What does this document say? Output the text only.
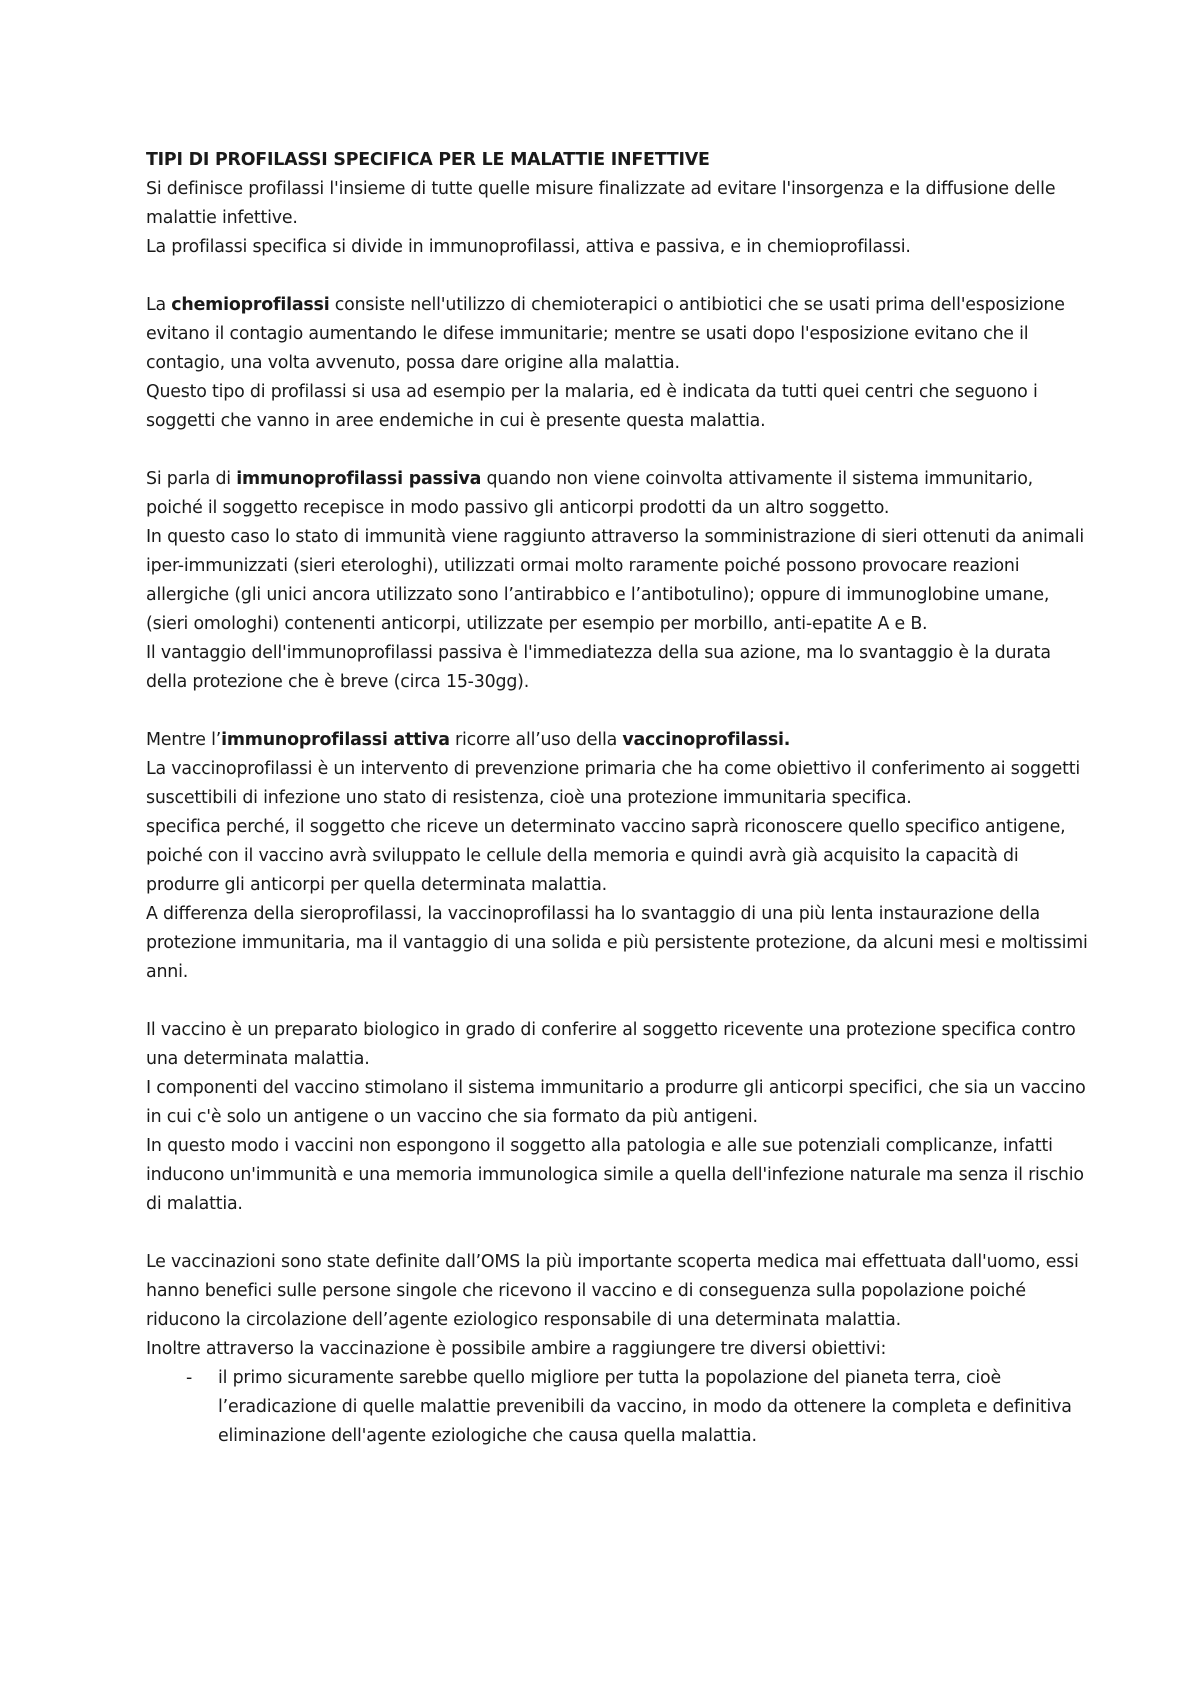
TIPI DI PROFILASSI SPECIFICA PER LE MALATTIE INFETTIVE

Si definisce profilassi l'insieme di tutte quelle misure finalizzate ad evitare l'insorgenza e la diffusione delle malattie infettive.

La profilassi specifica si divide in immunoprofilassi, attiva e passiva, e in chemioprofilassi.

La chemioprofilassi consiste nell'utilizzo di chemioterapici o antibiotici che se usati prima dell'esposizione evitano il contagio aumentando le difese immunitarie; mentre se usati dopo l'esposizione evitano che il contagio, una volta avvenuto, possa dare origine alla malattia.

Questo tipo di profilassi si usa ad esempio per la malaria, ed è indicata da tutti quei centri che seguono i soggetti che vanno in aree endemiche in cui è presente questa malattia.

Si parla di immunoprofilassi passiva quando non viene coinvolta attivamente il sistema immunitario, poiché il soggetto recepisce in modo passivo gli anticorpi prodotti da un altro soggetto.

In questo caso lo stato di immunità viene raggiunto attraverso la somministrazione di sieri ottenuti da animali iper-immunizzati (sieri eterologhi), utilizzati ormai molto raramente poiché possono provocare reazioni allergiche (gli unici ancora utilizzato sono l’antirabbico e l’antibotulino); oppure di immunoglobine umane, (sieri omologhi) contenenti anticorpi, utilizzate per esempio per morbillo, anti-epatite A e B.

Il vantaggio dell'immunoprofilassi passiva è l'immediatezza della sua azione, ma lo svantaggio è la durata della protezione che è breve (circa 15-30gg).

Mentre l’immunoprofilassi attiva ricorre all’uso della vaccinoprofilassi.

La vaccinoprofilassi è un intervento di prevenzione primaria che ha come obiettivo il conferimento ai soggetti suscettibili di infezione uno stato di resistenza, cioè una protezione immunitaria specifica.

specifica perché, il soggetto che riceve un determinato vaccino saprà riconoscere quello specifico antigene, poiché con il vaccino avrà sviluppato le cellule della memoria e quindi avrà già acquisito la capacità di produrre gli anticorpi per quella determinata malattia.

A differenza della sieroprofilassi, la vaccinoprofilassi ha lo svantaggio di una più lenta instaurazione della protezione immunitaria, ma il vantaggio di una solida e più persistente protezione, da alcuni mesi e moltissimi anni.

Il vaccino è un preparato biologico in grado di conferire al soggetto ricevente una protezione specifica contro una determinata malattia.

I componenti del vaccino stimolano il sistema immunitario a produrre gli anticorpi specifici, che sia un vaccino in cui c'è solo un antigene o un vaccino che sia formato da più antigeni.

In questo modo i vaccini non espongono il soggetto alla patologia e alle sue potenziali complicanze, infatti inducono un'immunità e una memoria immunologica simile a quella dell'infezione naturale ma senza il rischio di malattia.

Le vaccinazioni sono state definite dall’OMS la più importante scoperta medica mai effettuata dall'uomo, essi hanno benefici sulle persone singole che ricevono il vaccino e di conseguenza sulla popolazione poiché riducono la circolazione dell’agente eziologico responsabile di una determinata malattia.

Inoltre attraverso la vaccinazione è possibile ambire a raggiungere tre diversi obiettivi:

- il primo sicuramente sarebbe quello migliore per tutta la popolazione del pianeta terra, cioè l’eradicazione di quelle malattie prevenibili da vaccino, in modo da ottenere la completa e definitiva eliminazione dell'agente eziologiche che causa quella malattia.
